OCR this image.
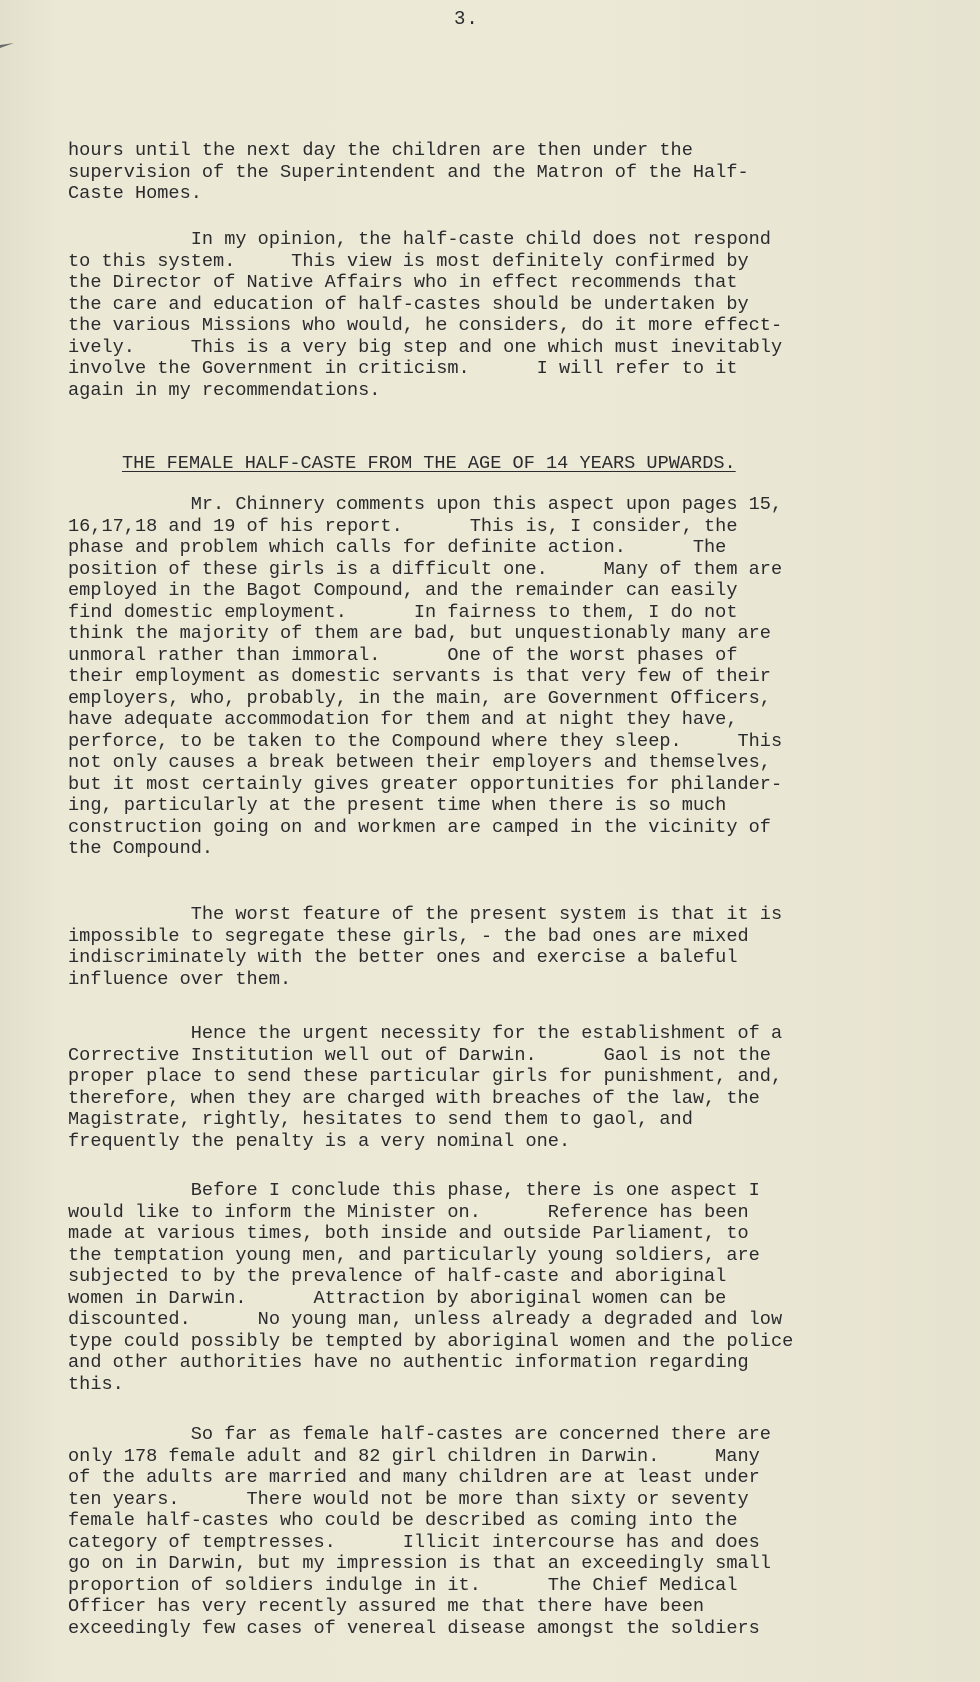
3.
hours until the next day the children are then under the
supervision of the Superintendent and the Matron of the Half-
Caste Homes.
In my opinion, the half-caste child does not respond
to this system.     This view is most definitely confirmed by
the Director of Native Affairs who in effect recommends that
the care and education of half-castes should be undertaken by
the various Missions who would, he considers, do it more effect-
ively.     This is a very big step and one which must inevitably
involve the Government in criticism.      I will refer to it
again in my recommendations.
THE FEMALE HALF-CASTE FROM THE AGE OF 14 YEARS UPWARDS.
Mr. Chinnery comments upon this aspect upon pages 15,
16,17,18 and 19 of his report.      This is, I consider, the
phase and problem which calls for definite action.      The
position of these girls is a difficult one.     Many of them are
employed in the Bagot Compound, and the remainder can easily
find domestic employment.      In fairness to them, I do not
think the majority of them are bad, but unquestionably many are
unmoral rather than immoral.      One of the worst phases of
their employment as domestic servants is that very few of their
employers, who, probably, in the main, are Government Officers,
have adequate accommodation for them and at night they have,
perforce, to be taken to the Compound where they sleep.     This
not only causes a break between their employers and themselves,
but it most certainly gives greater opportunities for philander-
ing, particularly at the present time when there is so much
construction going on and workmen are camped in the vicinity of
the Compound.
The worst feature of the present system is that it is
impossible to segregate these girls, - the bad ones are mixed
indiscriminately with the better ones and exercise a baleful
influence over them.
Hence the urgent necessity for the establishment of a
Corrective Institution well out of Darwin.      Gaol is not the
proper place to send these particular girls for punishment, and,
therefore, when they are charged with breaches of the law, the
Magistrate, rightly, hesitates to send them to gaol, and
frequently the penalty is a very nominal one.
Before I conclude this phase, there is one aspect I
would like to inform the Minister on.      Reference has been
made at various times, both inside and outside Parliament, to
the temptation young men, and particularly young soldiers, are
subjected to by the prevalence of half-caste and aboriginal
women in Darwin.      Attraction by aboriginal women can be
discounted.      No young man, unless already a degraded and low
type could possibly be tempted by aboriginal women and the police
and other authorities have no authentic information regarding
this.
So far as female half-castes are concerned there are
only 178 female adult and 82 girl children in Darwin.     Many
of the adults are married and many children are at least under
ten years.      There would not be more than sixty or seventy
female half-castes who could be described as coming into the
category of temptresses.      Illicit intercourse has and does
go on in Darwin, but my impression is that an exceedingly small
proportion of soldiers indulge in it.      The Chief Medical
Officer has very recently assured me that there have been
exceedingly few cases of venereal disease amongst the soldiers
